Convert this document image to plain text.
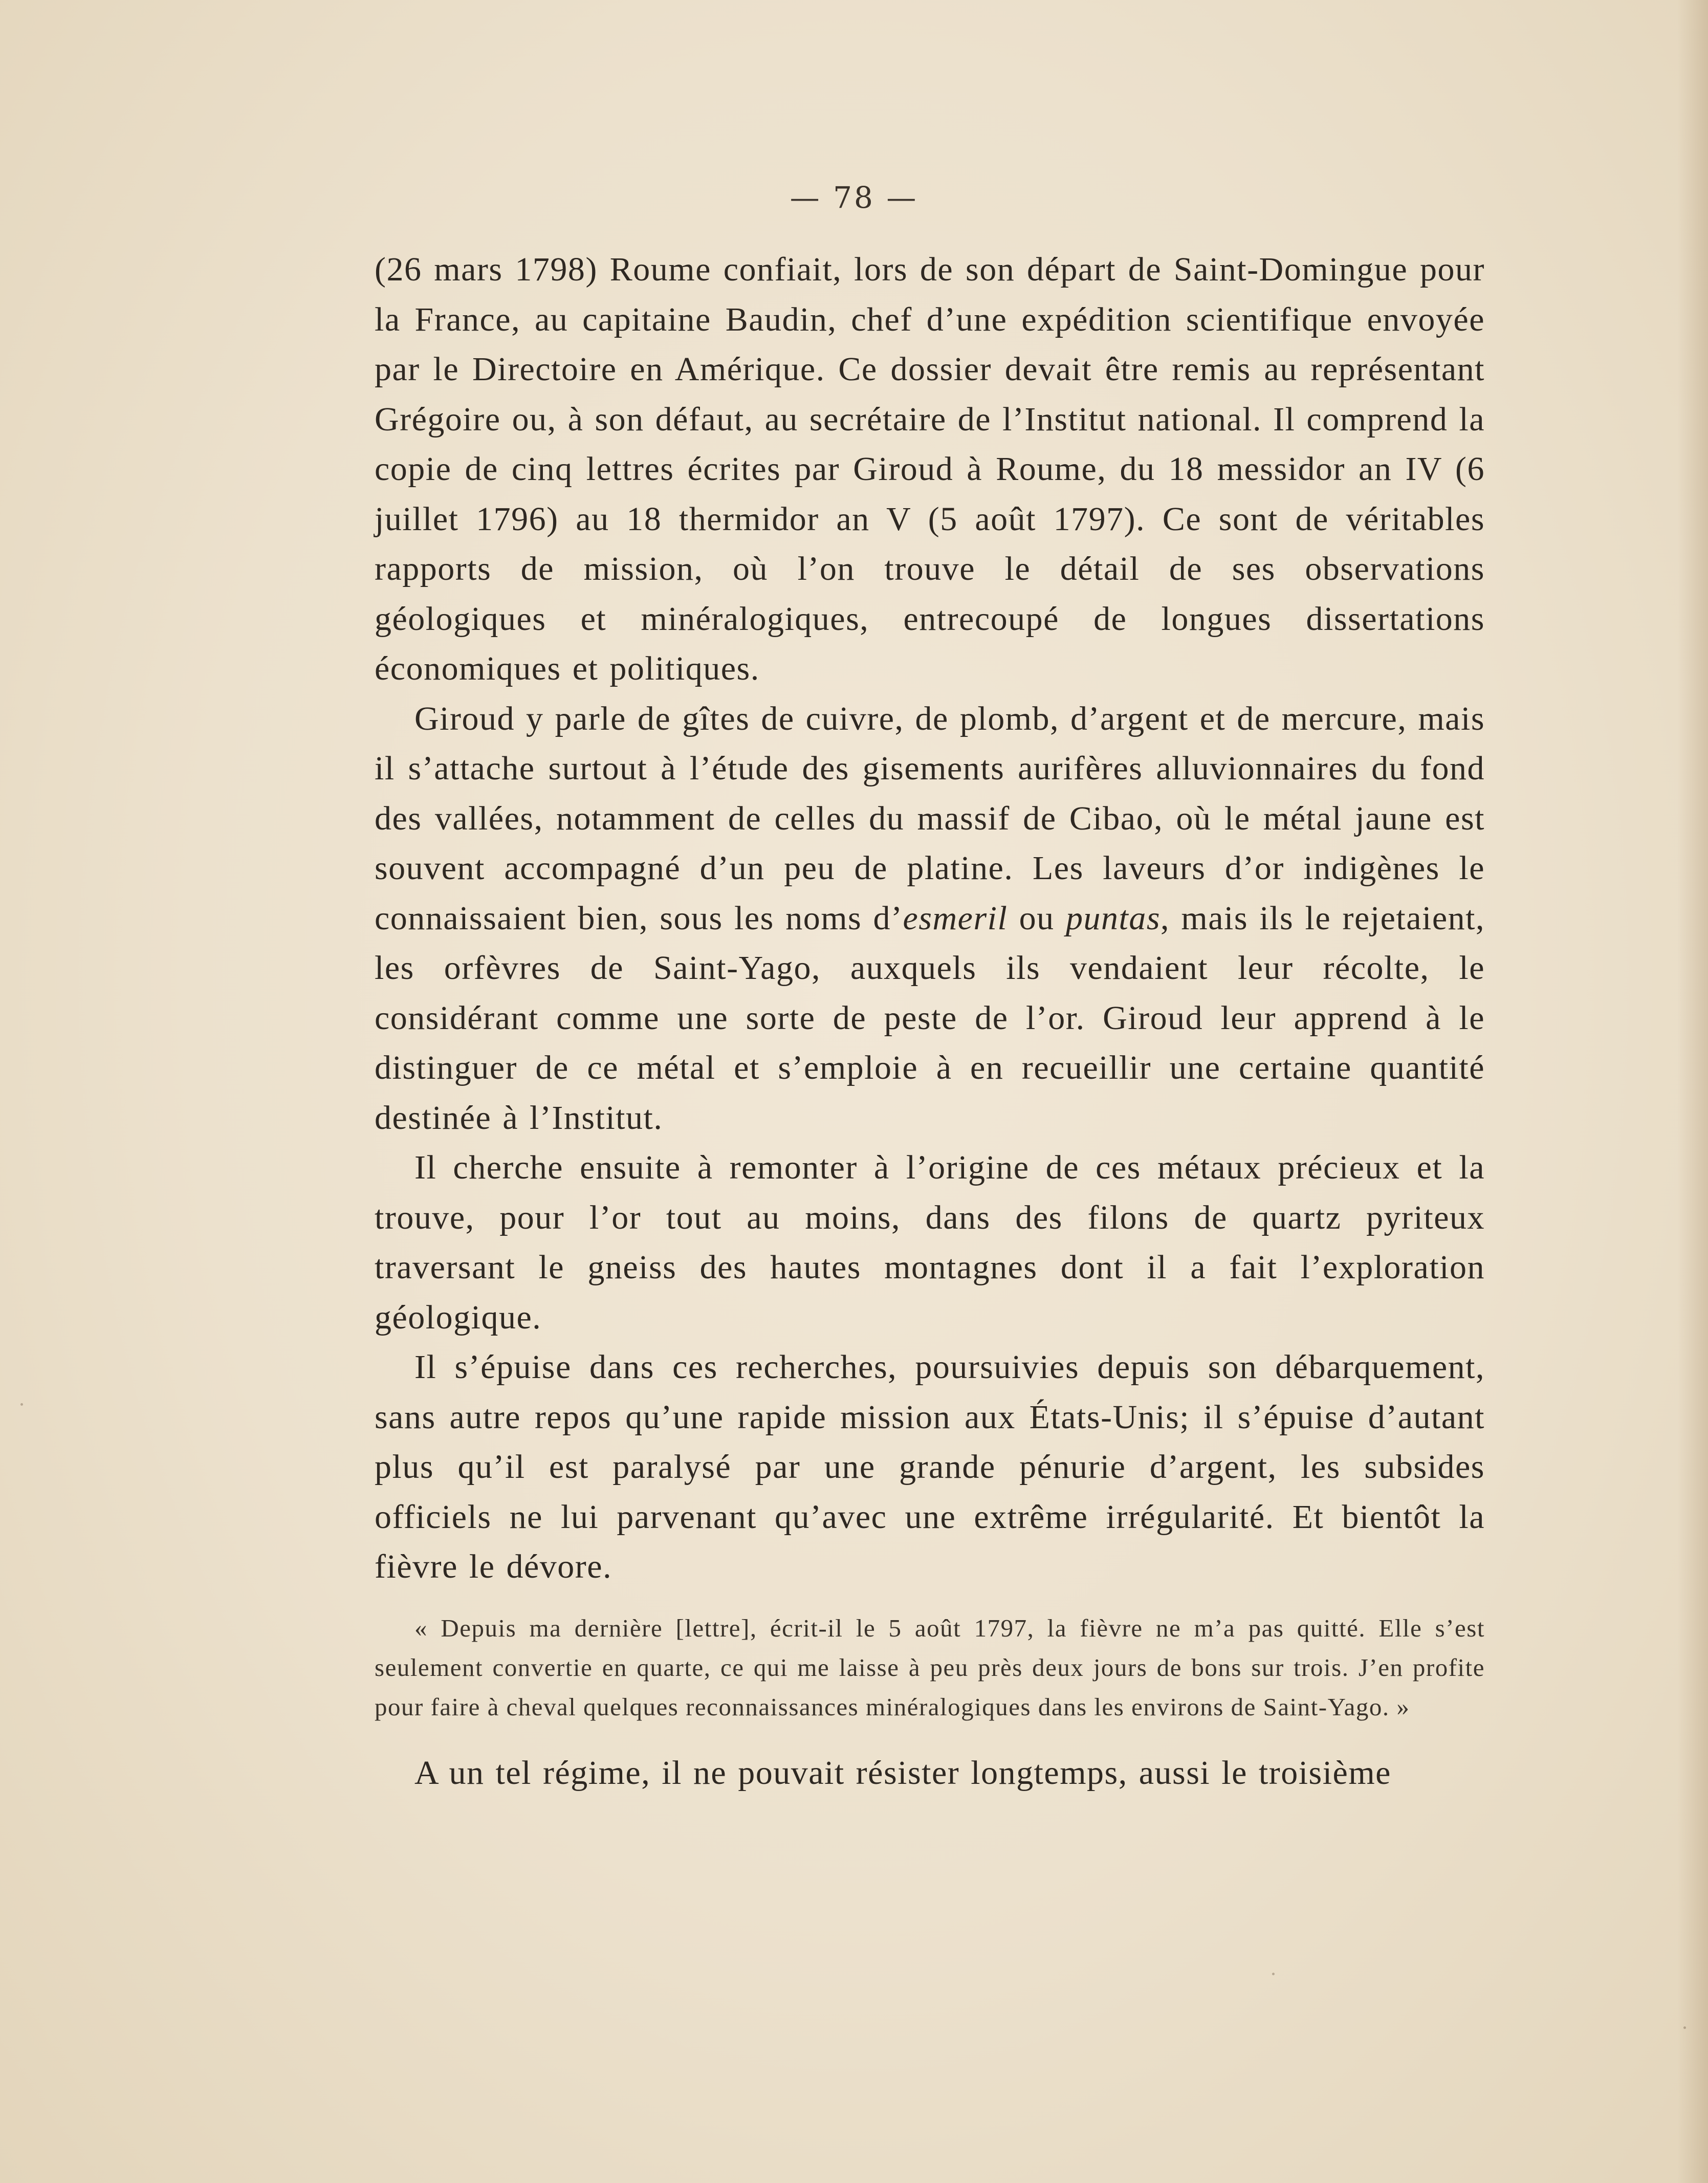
— 78 —

(26 mars 1798) Roume confiait, lors de son départ de Saint-Domingue pour la France, au capitaine Baudin, chef d’une expédition scientifique envoyée par le Directoire en Amérique. Ce dossier devait être remis au représentant Grégoire ou, à son défaut, au secrétaire de l’Institut national. Il comprend la copie de cinq lettres écrites par Giroud à Roume, du 18 messidor an IV (6 juillet 1796) au 18 thermidor an V (5 août 1797). Ce sont de véritables rapports de mission, où l’on trouve le détail de ses observations géologiques et minéralogiques, entrecoupé de longues dissertations économiques et politiques.

Giroud y parle de gîtes de cuivre, de plomb, d’argent et de mercure, mais il s’attache surtout à l’étude des gisements aurifères alluvionnaires du fond des vallées, notamment de celles du massif de Cibao, où le métal jaune est souvent accompagné d’un peu de platine. Les laveurs d’or indigènes le connaissaient bien, sous les noms d’esmeril ou puntas, mais ils le rejetaient, les orfèvres de Saint-Yago, auxquels ils vendaient leur récolte, le considérant comme une sorte de peste de l’or. Giroud leur apprend à le distinguer de ce métal et s’emploie à en recueillir une certaine quantité destinée à l’Institut.

Il cherche ensuite à remonter à l’origine de ces métaux précieux et la trouve, pour l’or tout au moins, dans des filons de quartz pyriteux traversant le gneiss des hautes montagnes dont il a fait l’exploration géologique.

Il s’épuise dans ces recherches, poursuivies depuis son débarquement, sans autre repos qu’une rapide mission aux États-Unis; il s’épuise d’autant plus qu’il est paralysé par une grande pénurie d’argent, les subsides officiels ne lui parvenant qu’avec une extrême irrégularité. Et bientôt la fièvre le dévore.

« Depuis ma dernière [lettre], écrit-il le 5 août 1797, la fièvre ne m’a pas quitté. Elle s’est seulement convertie en quarte, ce qui me laisse à peu près deux jours de bons sur trois. J’en profite pour faire à cheval quelques reconnaissances minéralogiques dans les environs de Saint-Yago. »

A un tel régime, il ne pouvait résister longtemps, aussi le troisième
